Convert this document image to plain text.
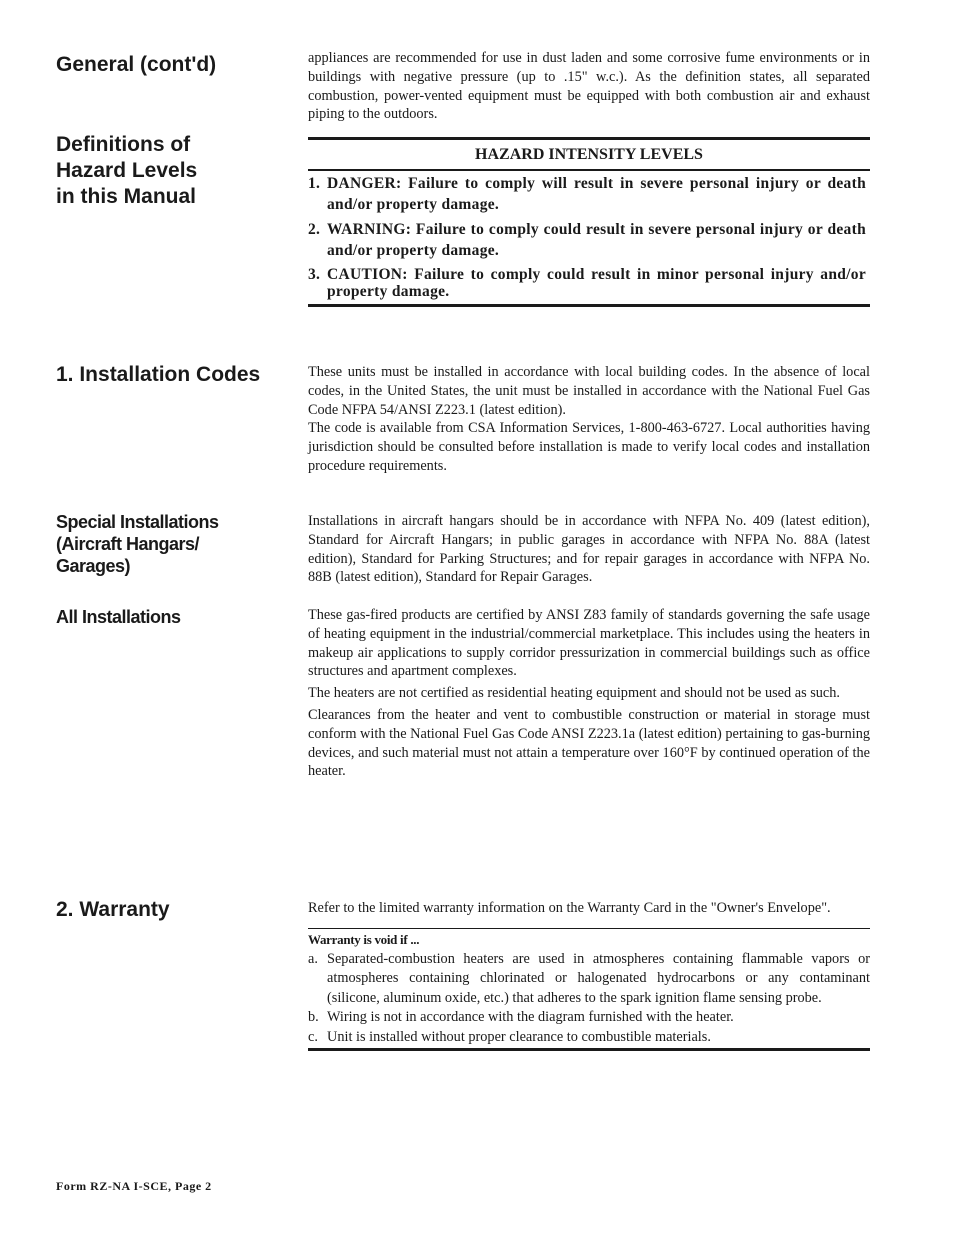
General (cont'd)
Definitions of
Hazard Levels
in this Manual
1. Installation Codes
Special Installations
(Aircraft Hangars/
Garages)
All Installations
2. Warranty

appliances are recommended for use in dust laden and some corrosive fume environments or in buildings with negative pressure (up to .15" w.c.). As the definition states, all separated combustion, power-vented equipment must be equipped with both combustion air and exhaust piping to the outdoors.

HAZARD INTENSITY LEVELS
1. DANGER: Failure to comply will result in severe personal injury or death and/or property damage.
2. WARNING: Failure to comply could result in severe personal injury or death and/or property damage.
3. CAUTION: Failure to comply could result in minor personal injury and/or property damage.

These units must be installed in accordance with local building codes. In the absence of local codes, in the United States, the unit must be installed in accordance with the National Fuel Gas Code NFPA 54/ANSI Z223.1 (latest edition).

The code is available from CSA Information Services, 1-800-463-6727. Local authorities having jurisdiction should be consulted before installation is made to verify local codes and installation procedure requirements.

Installations in aircraft hangars should be in accordance with NFPA No. 409 (latest edition), Standard for Aircraft Hangars; in public garages in accordance with NFPA No. 88A (latest edition), Standard for Parking Structures; and for repair garages in accordance with NFPA No. 88B (latest edition), Standard for Repair Garages.

These gas-fired products are certified by ANSI Z83 family of standards governing the safe usage of heating equipment in the industrial/commercial marketplace. This includes using the heaters in makeup air applications to supply corridor pressurization in commercial buildings such as office structures and apartment complexes.

The heaters are not certified as residential heating equipment and should not be used as such.

Clearances from the heater and vent to combustible construction or material in storage must conform with the National Fuel Gas Code ANSI Z223.1a (latest edition) pertaining to gas-burning devices, and such material must not attain a temperature over 160°F by continued operation of the heater.

Refer to the limited warranty information on the Warranty Card in the "Owner's Envelope".

Warranty is void if ...
a. Separated-combustion heaters are used in atmospheres containing flammable vapors or atmospheres containing chlorinated or halogenated hydrocarbons or any contaminant (silicone, aluminum oxide, etc.) that adheres to the spark ignition flame sensing probe.
b. Wiring is not in accordance with the diagram furnished with the heater.
c. Unit is installed without proper clearance to combustible materials.
Form RZ-NA I-SCE, Page 2
